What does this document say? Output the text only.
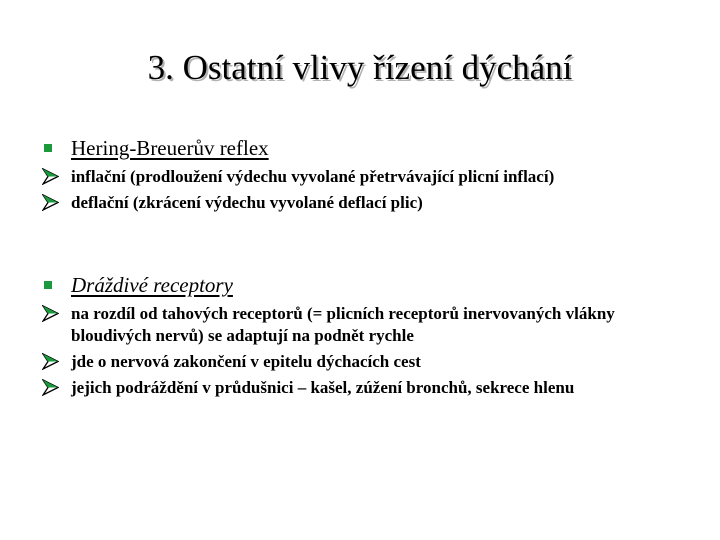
3. Ostatní vlivy řízení dýchání
Hering-Breuerův reflex
inflační (prodloužení výdechu vyvolané přetrvávající plicní inflací)
deflační (zkrácení výdechu vyvolané deflací plic)
Dráždivé receptory
na rozdíl od tahových receptorů (= plicních receptorů inervovaných vlákny bloudivých nervů) se adaptují na podnět rychle
jde o nervová zakončení v epitelu dýchacích cest
jejich podráždění v průdušnici – kašel, zúžení bronchů, sekrece hlenu
